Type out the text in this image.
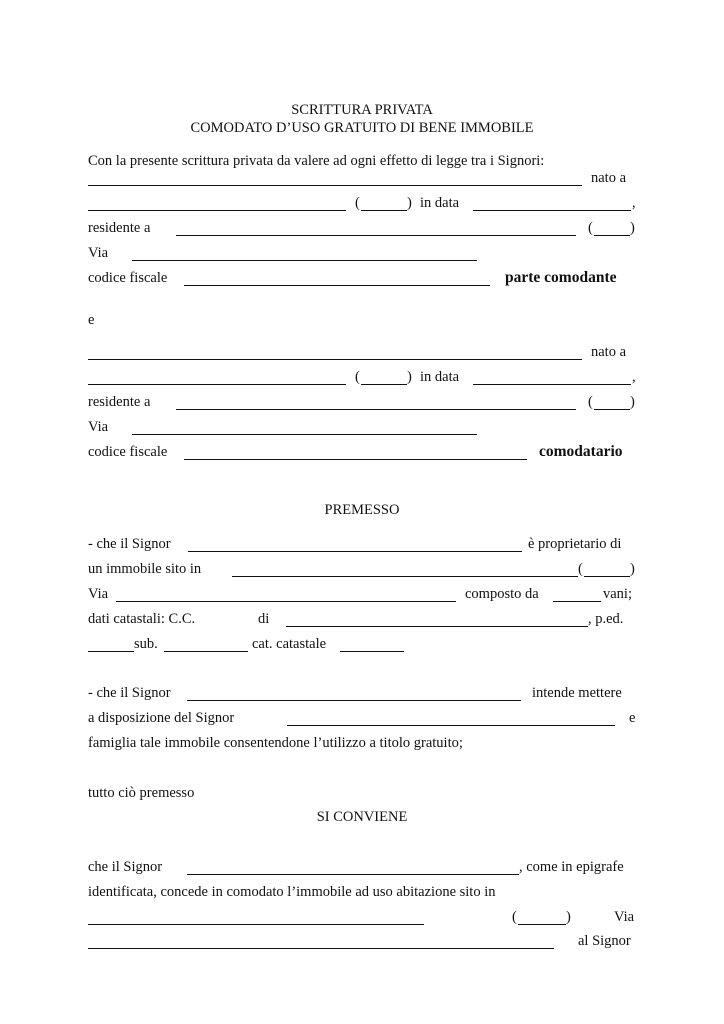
SCRITTURA PRIVATA
COMODATO D’USO GRATUITO DI BENE IMMOBILE
Con la presente scrittura privata da valere ad ogni effetto di legge tra i Signori:
nato a
(	) in data	,
residente a	(	)
Via
codice fiscale	parte comodante
e
nato a
(	) in data	,
residente a	(	)
Via
codice fiscale	comodatario
PREMESSO
- che il Signor	è proprietario di
un immobile sito in	(	)
Via	composto da	vani;
dati catastali: C.C.	di	, p.ed.
sub.	cat. catastale
- che il Signor	intende mettere
a disposizione del Signor	e
famiglia tale immobile consentendone l’utilizzo a titolo gratuito;
tutto ciò premesso
SI CONVIENE
che il Signor	, come in epigrafe
identificata, concede in comodato l’immobile ad uso abitazione sito in
(	)	Via
al Signor
